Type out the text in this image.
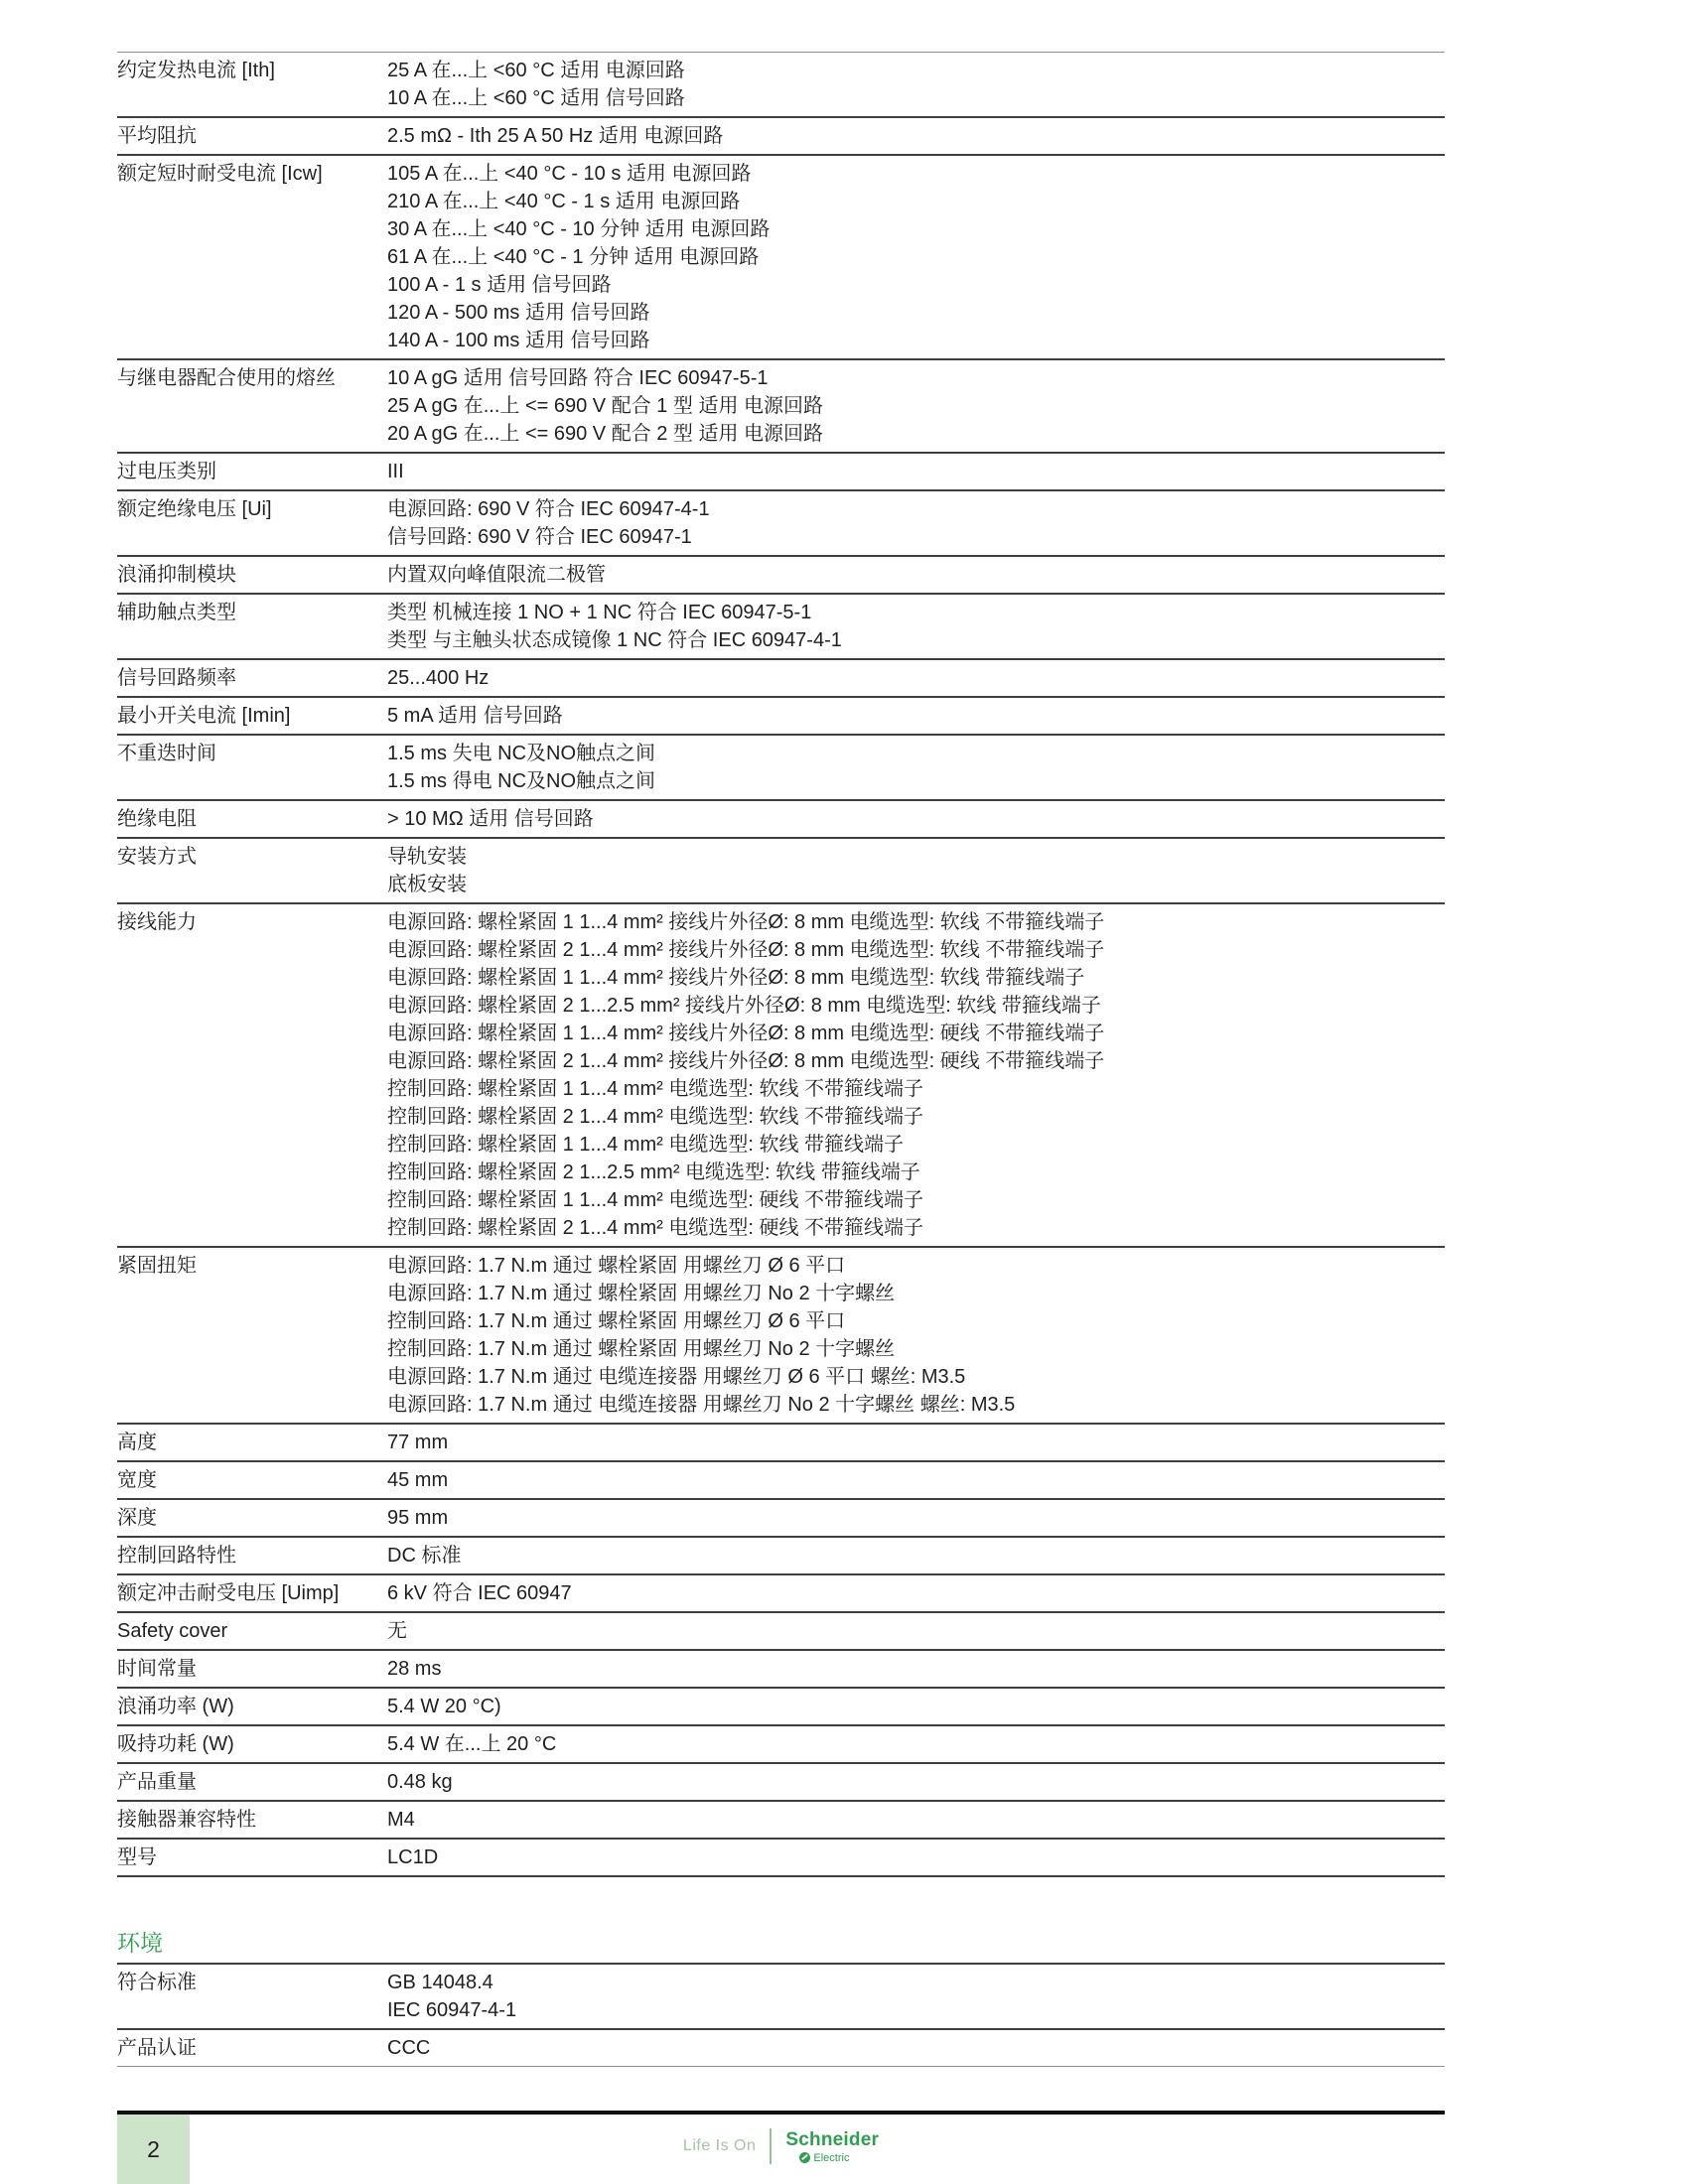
约定发热电流 [Ith]	25 A 在...上 <60 °C 适用 电源回路
10 A 在...上 <60 °C 适用 信号回路

平均阻抗	2.5 mΩ - Ith 25 A 50 Hz 适用 电源回路

额定短时耐受电流 [Icw]	105 A 在...上 <40 °C - 10 s 适用 电源回路
210 A 在...上 <40 °C - 1 s 适用 电源回路
30 A 在...上 <40 °C - 10 分钟 适用 电源回路
61 A 在...上 <40 °C - 1 分钟 适用 电源回路
100 A - 1 s 适用 信号回路
120 A - 500 ms 适用 信号回路
140 A - 100 ms 适用 信号回路

与继电器配合使用的熔丝	10 A gG 适用 信号回路 符合 IEC 60947-5-1
25 A gG 在...上 <= 690 V 配合 1 型 适用 电源回路
20 A gG 在...上 <= 690 V 配合 2 型 适用 电源回路

过电压类别	III

额定绝缘电压 [Ui]	电源回路: 690 V 符合 IEC 60947-4-1
信号回路: 690 V 符合 IEC 60947-1

浪涌抑制模块	内置双向峰值限流二极管

辅助触点类型	类型 机械连接 1 NO + 1 NC 符合 IEC 60947-5-1
类型 与主触头状态成镜像 1 NC 符合 IEC 60947-4-1

信号回路频率	25...400 Hz

最小开关电流 [Imin]	5 mA 适用 信号回路

不重迭时间	1.5 ms 失电 NC及NO触点之间
1.5 ms 得电 NC及NO触点之间

绝缘电阻	> 10 MΩ 适用 信号回路

安装方式	导轨安装
底板安装

接线能力	电源回路: 螺栓紧固 1 1...4 mm² 接线片外径Ø: 8 mm 电缆选型: 软线 不带箍线端子
电源回路: 螺栓紧固 2 1...4 mm² 接线片外径Ø: 8 mm 电缆选型: 软线 不带箍线端子
电源回路: 螺栓紧固 1 1...4 mm² 接线片外径Ø: 8 mm 电缆选型: 软线 带箍线端子
电源回路: 螺栓紧固 2 1...2.5 mm² 接线片外径Ø: 8 mm 电缆选型: 软线 带箍线端子
电源回路: 螺栓紧固 1 1...4 mm² 接线片外径Ø: 8 mm 电缆选型: 硬线 不带箍线端子
电源回路: 螺栓紧固 2 1...4 mm² 接线片外径Ø: 8 mm 电缆选型: 硬线 不带箍线端子
控制回路: 螺栓紧固 1 1...4 mm² 电缆选型: 软线 不带箍线端子
控制回路: 螺栓紧固 2 1...4 mm² 电缆选型: 软线 不带箍线端子
控制回路: 螺栓紧固 1 1...4 mm² 电缆选型: 软线 带箍线端子
控制回路: 螺栓紧固 2 1...2.5 mm² 电缆选型: 软线 带箍线端子
控制回路: 螺栓紧固 1 1...4 mm² 电缆选型: 硬线 不带箍线端子
控制回路: 螺栓紧固 2 1...4 mm² 电缆选型: 硬线 不带箍线端子

紧固扭矩	电源回路: 1.7 N.m 通过 螺栓紧固 用螺丝刀 Ø 6 平口
电源回路: 1.7 N.m 通过 螺栓紧固 用螺丝刀 No 2 十字螺丝
控制回路: 1.7 N.m 通过 螺栓紧固 用螺丝刀 Ø 6 平口
控制回路: 1.7 N.m 通过 螺栓紧固 用螺丝刀 No 2 十字螺丝
电源回路: 1.7 N.m 通过 电缆连接器 用螺丝刀 Ø 6 平口 螺丝: M3.5
电源回路: 1.7 N.m 通过 电缆连接器 用螺丝刀 No 2 十字螺丝 螺丝: M3.5

高度	77 mm

宽度	45 mm

深度	95 mm

控制回路特性	DC 标准

额定冲击耐受电压 [Uimp]	6 kV 符合 IEC 60947

Safety cover	无

时间常量	28 ms

浪涌功率 (W)	5.4 W 20 °C)

吸持功耗 (W)	5.4 W 在...上 20 °C

产品重量	0.48 kg

接触器兼容特性	M4

型号	LC1D
环境
符合标准	GB 14048.4
IEC 60947-4-1

产品认证	CCC
2	Life Is On Schneider
Electric
